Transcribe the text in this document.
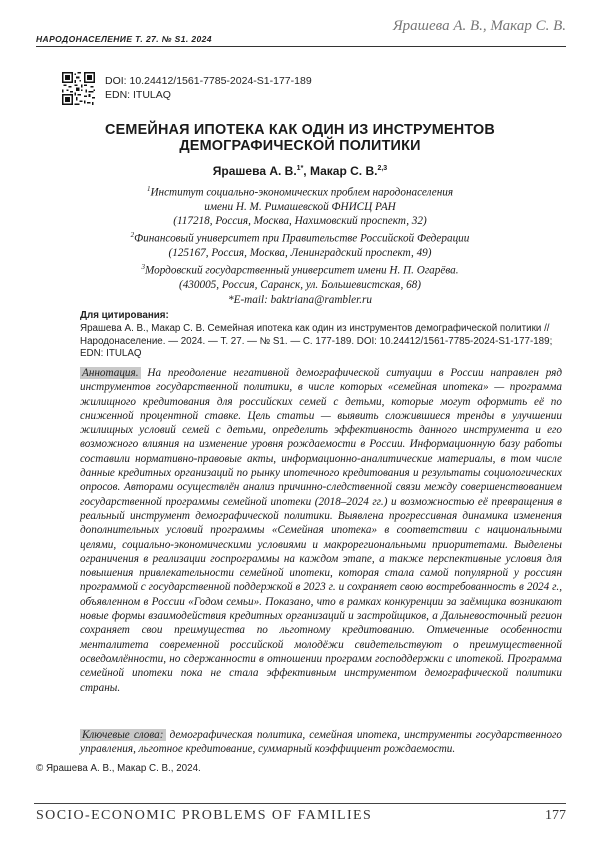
Ярашева А. В., Макар С. В.
НАРОДОНАСЕЛЕНИЕ Т. 27. № S1. 2024
DOI: 10.24412/1561-7785-2024-S1-177-189
EDN: ITULAQ
СЕМЕЙНАЯ ИПОТЕКА КАК ОДИН ИЗ ИНСТРУМЕНТОВ
ДЕМОГРАФИЧЕСКОЙ ПОЛИТИКИ
Ярашева А. В.$^{1*}$, Макар С. В.$^{2,3}$
$^1$Институт социально-экономических проблем народонаселения
имени Н. М. Римашевской ФНИСЦ РАН
(117218, Россия, Москва, Нахимовский проспект, 32)
$^2$Финансовый университет при Правительстве Российской Федерации
(125167, Россия, Москва, Ленинградский проспект, 49)
$^3$Мордовский государственный университет имени Н. П. Огарёва.
(430005, Россия, Саранск, ул. Большевистская, 68)
*E-mail: baktriana@rambler.ru
Для цитирования:
Ярашева А. В., Макар С. В. Семейная ипотека как один из инструментов демографической политики // Народонаселение. — 2024. — Т. 27. — № S1. — С. 177-189. DOI: 10.24412/1561-7785-2024-S1-177-189; EDN: ITULAQ
Аннотация. На преодоление негативной демографической ситуации в России направлен ряд инструментов государственной политики, в числе которых «семейная ипотека» — программа жилищного кредитования для российских семей с детьми, которые могут оформить её по сниженной процентной ставке. Цель статьи — выявить сложившиеся тренды в улучшении жилищных условий семей с детьми, определить эффективность данного инструмента и его возможного влияния на изменение уровня рождаемости в России. Информационную базу работы составили нормативно-правовые акты, информационно-аналитические материалы, в том числе данные кредитных организаций по рынку ипотечного кредитования и результаты социологических опросов. Авторами осуществлён анализ причинно-следственной связи между совершенствованием государственной программы семейной ипотеки (2018–2024 гг.) и возможностью её превращения в реальный инструмент демографической политики. Выявлена прогрессивная динамика изменения дополнительных условий программы «Семейная ипотека» в соответствии с национальными целями, социально-экономическими условиями и макрорегиональными приоритетами. Выделены ограничения в реализации госпрограммы на каждом этапе, а также перспективные условия для повышения привлекательности семейной ипотеки, которая стала самой популярной у россиян программой с государственной поддержкой в 2023 г. и сохраняет свою востребованность в 2024 г., объявленном в России «Годом семьи». Показано, что в рамках конкуренции за заёмщика возникают новые формы взаимодействия кредитных организаций и застройщиков, а Дальневосточный регион сохраняет свои преимущества по льготному кредитованию. Отмеченные особенности менталитета современной российской молодёжи свидетельствуют о преимущественной осведомлённости, но сдержанности в отношении программ господдержки с ипотекой. Программа семейной ипотеки пока не стала эффективным инструментом демографической политики страны.
Ключевые слова: демографическая политика, семейная ипотека, инструменты государственного управления, льготное кредитование, суммарный коэффициент рождаемости.
© Ярашева А. В., Макар С. В., 2024.
SOCIO-ECONOMIC PROBLEMS OF FAMILIES	177
